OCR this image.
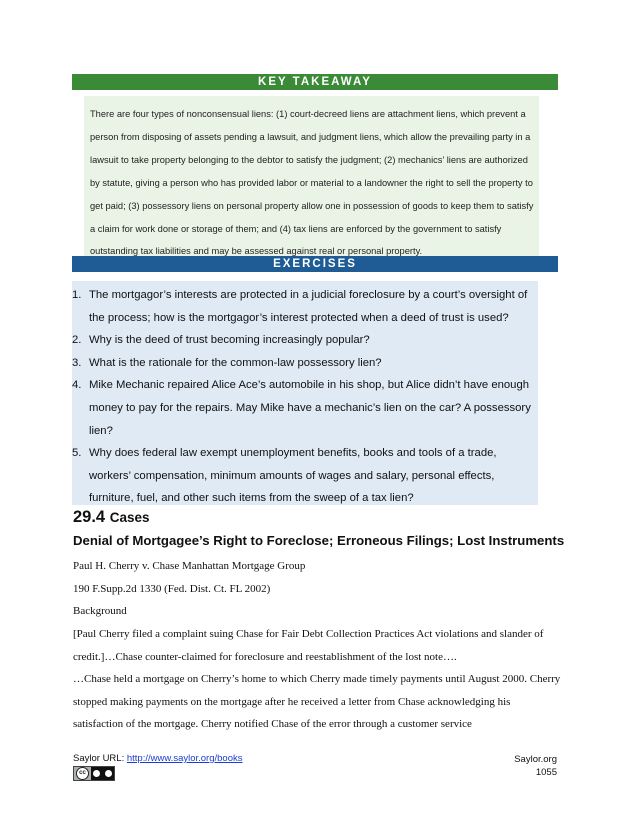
KEY TAKEAWAY

There are four types of nonconsensual liens: (1) court-decreed liens are attachment liens, which prevent a person from disposing of assets pending a lawsuit, and judgment liens, which allow the prevailing party in a lawsuit to take property belonging to the debtor to satisfy the judgment; (2) mechanics’ liens are authorized by statute, giving a person who has provided labor or material to a landowner the right to sell the property to get paid; (3) possessory liens on personal property allow one in possession of goods to keep them to satisfy a claim for work done or storage of them; and (4) tax liens are enforced by the government to satisfy outstanding tax liabilities and may be assessed against real or personal property.

EXERCISES
1. The mortgagor’s interests are protected in a judicial foreclosure by a court’s oversight of the process; how is the mortgagor’s interest protected when a deed of trust is used?
2. Why is the deed of trust becoming increasingly popular?
3. What is the rationale for the common-law possessory lien?
4. Mike Mechanic repaired Alice Ace’s automobile in his shop, but Alice didn’t have enough money to pay for the repairs. May Mike have a mechanic’s lien on the car? A possessory lien?
5. Why does federal law exempt unemployment benefits, books and tools of a trade, workers’ compensation, minimum amounts of wages and salary, personal effects, furniture, fuel, and other such items from the sweep of a tax lien?
29.4 Cases
Denial of Mortgagee’s Right to Foreclose; Erroneous Filings; Lost Instruments

Paul H. Cherry v. Chase Manhattan Mortgage Group

190 F.Supp.2d 1330 (Fed. Dist. Ct. FL 2002)

Background

[Paul Cherry filed a complaint suing Chase for Fair Debt Collection Practices Act violations and slander of credit.]…Chase counter-claimed for foreclosure and reestablishment of the lost note….

…Chase held a mortgage on Cherry’s home to which Cherry made timely payments until August 2000. Cherry stopped making payments on the mortgage after he received a letter from Chase acknowledging his satisfaction of the mortgage. Cherry notified Chase of the error through a customer service

Saylor URL: http://www.saylor.org/books
cc
Saylor.org
1055
